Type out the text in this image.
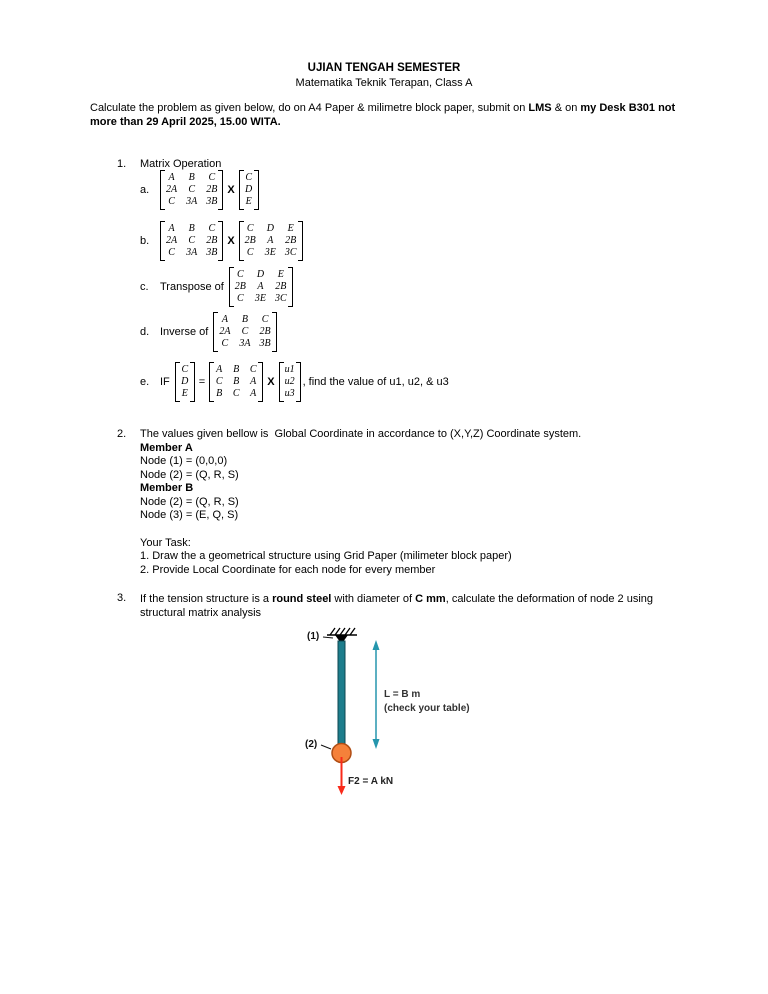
UJIAN TENGAH SEMESTER
Matematika Teknik Terapan, Class A
Calculate the problem as given below, do on A4 Paper & milimetre block paper, submit on LMS & on my Desk B301 not more than 29 April 2025, 15.00 WITA.
1.	Matrix Operation
a.
A B C
2A C 2B
C 3A 3B
X
C
D
E
b.
A B C
2A C 2B
C 3A 3B
X
C D E
2B A 2B
C 3E 3C
c.	Transpose of
C D E
2B A 2B
C 3E 3C
d. Inverse of
A B C
2A C 2B
C 3A 3B
e. IF
C
D
E
=
A B C
C B A
B C A
X
u1
u2
u3
, find the value of u1, u2, & u3
2.	The values given bellow is  Global Coordinate in accordance to (X,Y,Z) Coordinate system.

Member A

Node (1) = (0,0,0)

Node (2) = (Q, R, S)

Member B

Node (2) = (Q, R, S)

Node (3) = (E, Q, S)

Your Task:

1. Draw the a geometrical structure using Grid Paper (milimeter block paper)

2. Provide Local Coordinate for each node for every member

3.	If the tension structure is a round steel with diameter of C mm, calculate the deformation of node 2 using structural matrix analysis
F2 = A kN
L = B m
(check your table)
(1)
(2)
